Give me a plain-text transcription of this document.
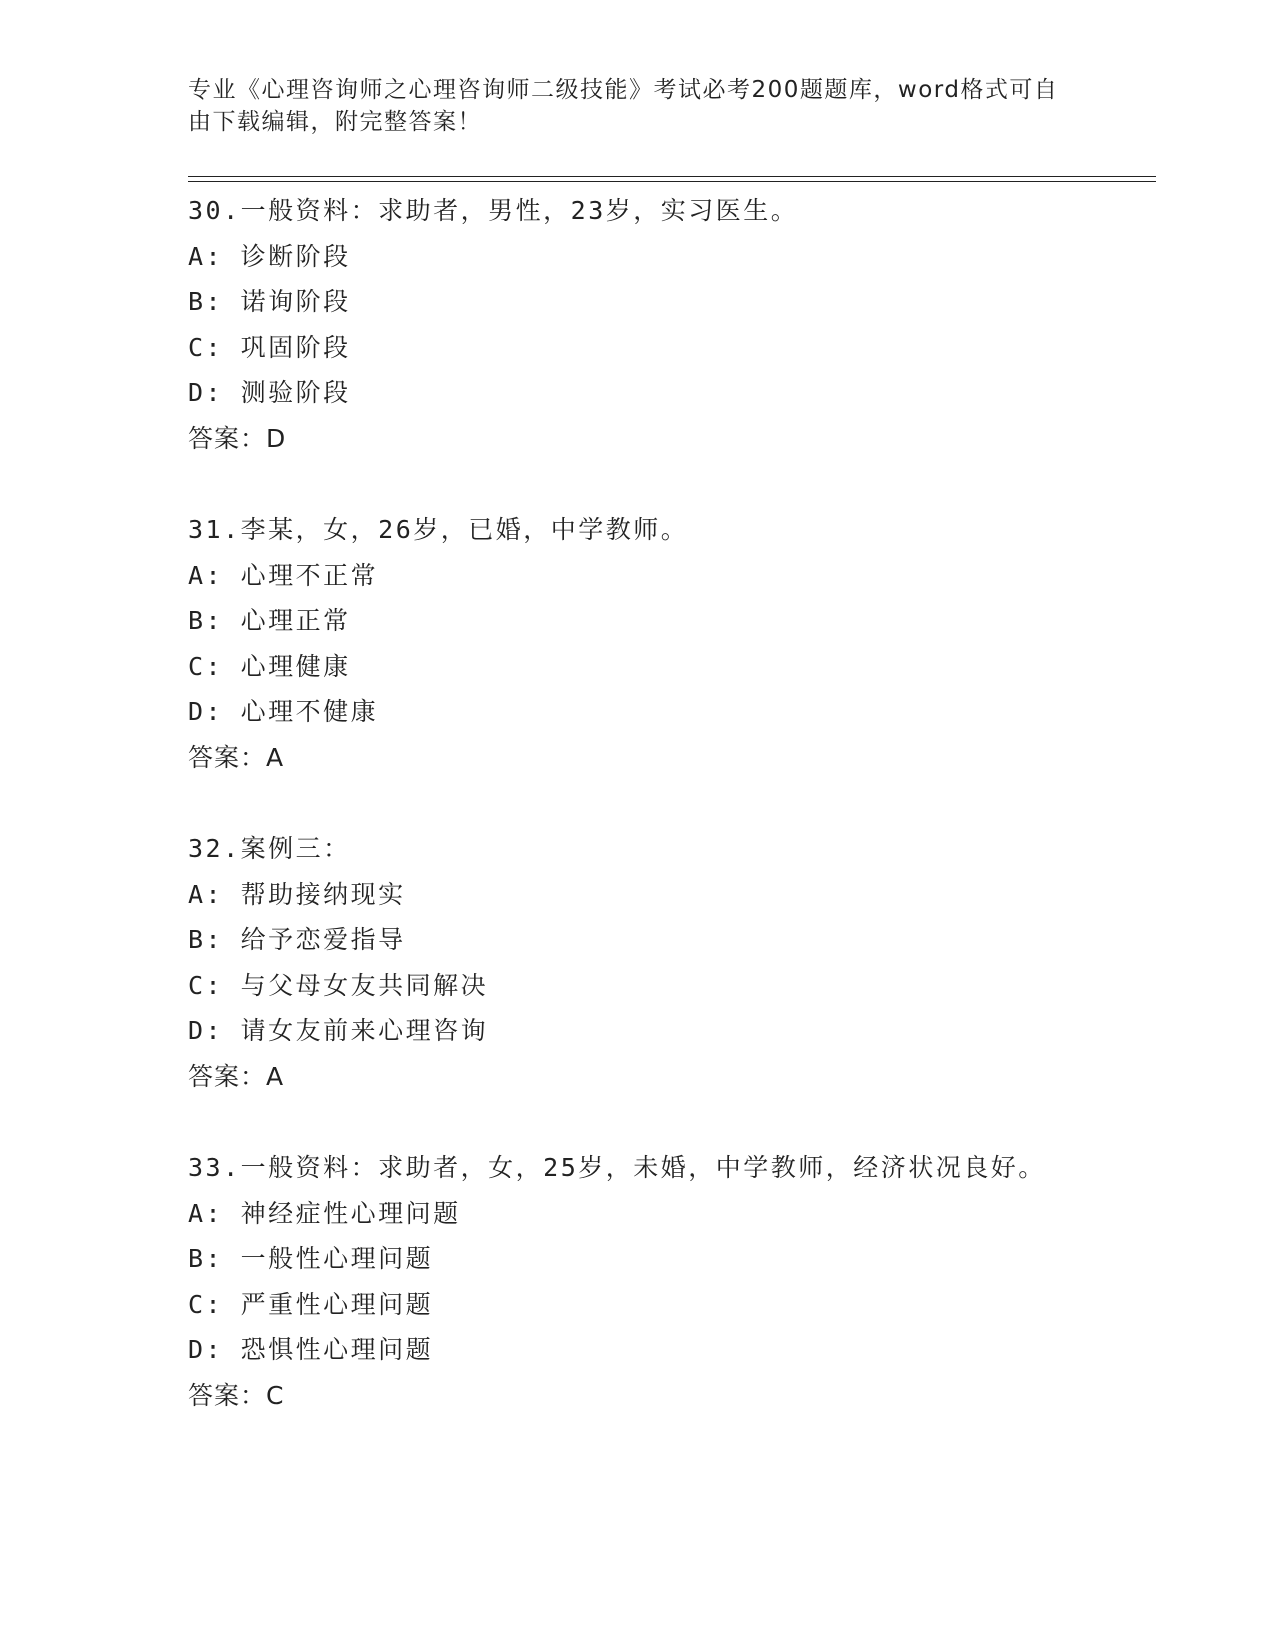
专业《心理咨询师之心理咨询师二级技能》考试必考200题题库，word格式可自
由下载编辑，附完整答案！
30.一般资料：求助者，男性，23岁，实习医生。
A: 诊断阶段
B: 诺询阶段
C: 巩固阶段
D: 测验阶段
答案：D
31.李某，女，26岁，已婚，中学教师。
A: 心理不正常
B: 心理正常
C: 心理健康
D: 心理不健康
答案：A
32.案例三：
A: 帮助接纳现实
B: 给予恋爱指导
C: 与父母女友共同解决
D: 请女友前来心理咨询
答案：A
33.一般资料：求助者，女，25岁，未婚，中学教师，经济状况良好。
A: 神经症性心理问题
B: 一般性心理问题
C: 严重性心理问题
D: 恐惧性心理问题
答案：C
